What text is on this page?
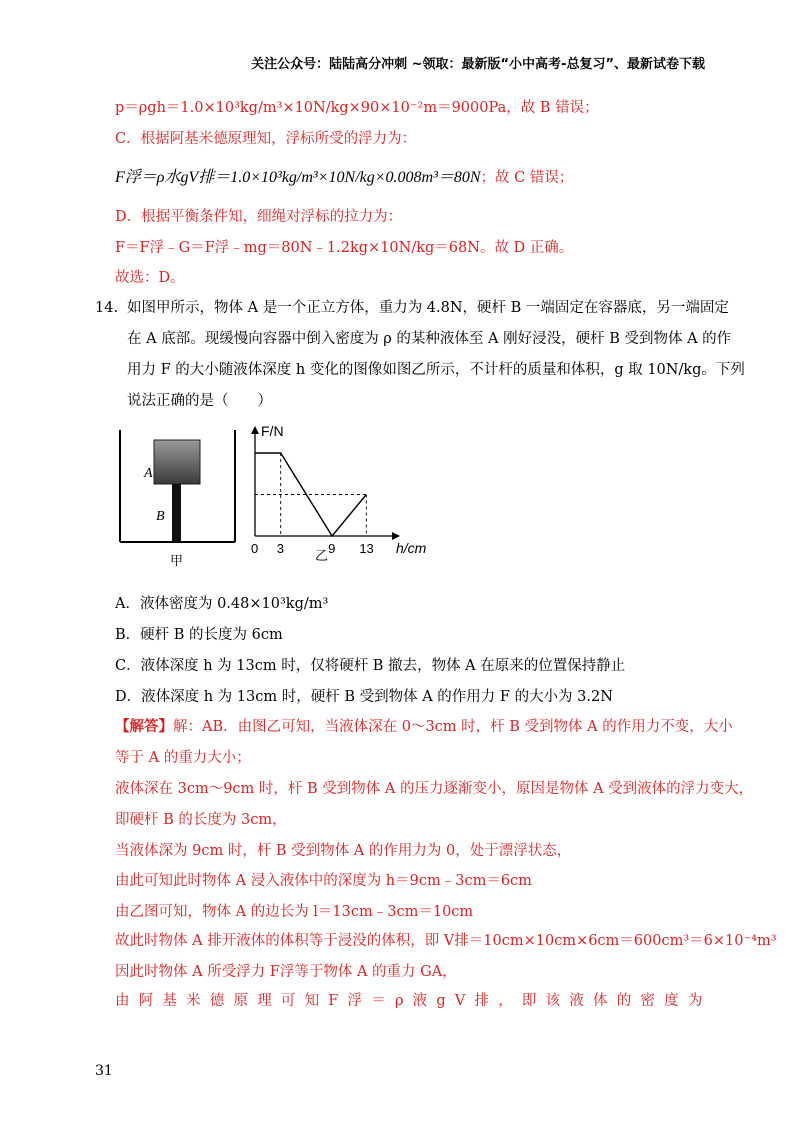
关注公众号：陆陆高分冲刺 ~领取：最新版“小中高考-总复习”、最新试卷下载
p＝ρgh＝1.0×10³kg/m³×10N/kg×90×10⁻²m＝9000Pa，故 B 错误；
C．根据阿基米德原理知，浮标所受的浮力为：
F浮＝ρ水gV排＝1.0×10³kg/m³×10N/kg×0.008m³＝80N；故 C 错误；
D．根据平衡条件知，细绳对浮标的拉力为：
F＝F浮﹣G＝F浮﹣mg＝80N﹣1.2kg×10N/kg＝68N。故 D 正确。
故选：D。
14. 如图甲所示，物体 A 是一个正立方体，重力为 4.8N，硬杆 B 一端固定在容器底，另一端固定
在 A 底部。现缓慢向容器中倒入密度为 ρ 的某种液体至 A 刚好浸没，硬杆 B 受到物体 A 的作
用力 F 的大小随液体深度 h 变化的图像如图乙所示，不计杆的质量和体积，g 取 10N/kg。下列
说法正确的是（　　）
A
B
甲
F/N
h/cm
乙
0 3	9 13
A．液体密度为 0.48×10³kg/m³
B．硬杆 B 的长度为 6cm
C．液体深度 h 为 13cm 时，仅将硬杆 B 撤去，物体 A 在原来的位置保持静止
D．液体深度 h 为 13cm 时，硬杆 B 受到物体 A 的作用力 F 的大小为 3.2N
【解答】解：AB．由图乙可知，当液体深在 0～3cm 时，杆 B 受到物体 A 的作用力不变，大小
等于 A 的重力大小；
液体深在 3cm～9cm 时，杆 B 受到物体 A 的压力逐渐变小，原因是物体 A 受到液体的浮力变大，
即硬杆 B 的长度为 3cm，
当液体深为 9cm 时，杆 B 受到物体 A 的作用力为 0，处于漂浮状态，
由此可知此时物体 A 浸入液体中的深度为 h＝9cm﹣3cm＝6cm
由乙图可知，物体 A 的边长为 l＝13cm﹣3cm＝10cm
故此时物体 A 排开液体的体积等于浸没的体积，即 V排＝10cm×10cm×6cm＝600cm³＝6×10⁻⁴m³
因此时物体 A 所受浮力 F浮等于物体 A 的重力 GA，
由阿基米德原理可知F浮＝ρ液gV排，即该液体的密度为
31
